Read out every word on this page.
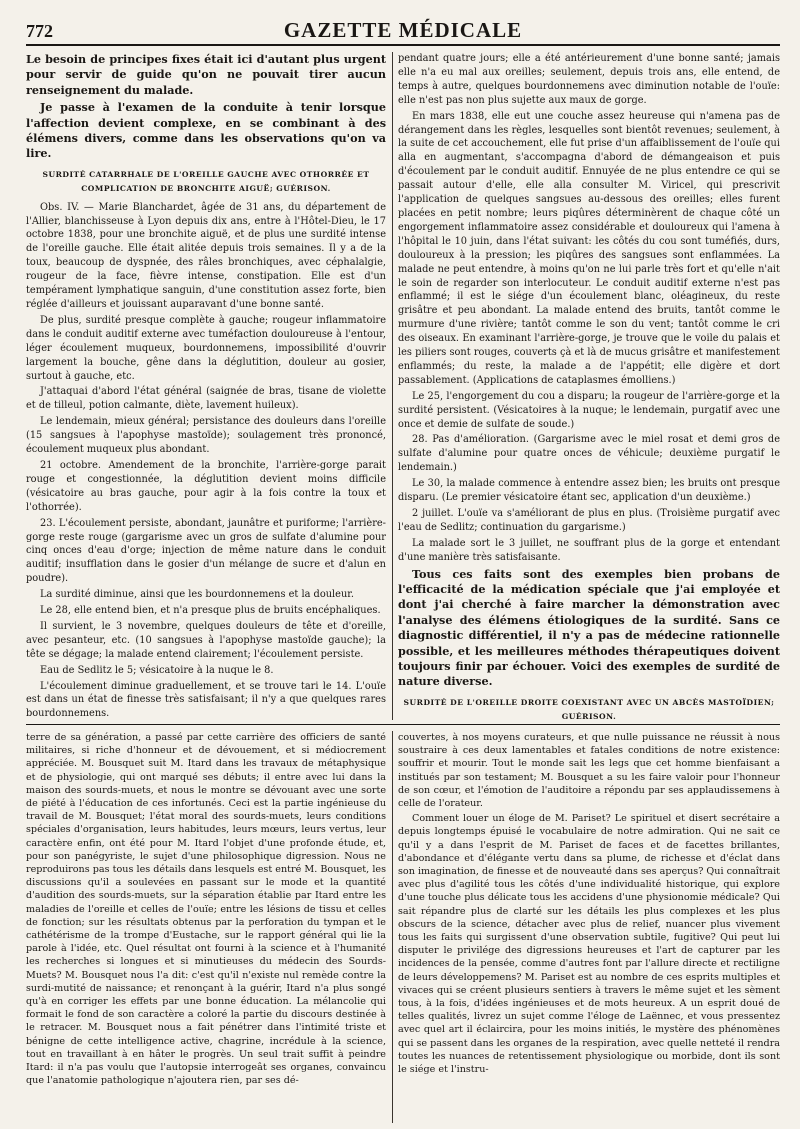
772	GAZETTE MÉDICALE

Le besoin de principes fixes était ici d'autant plus urgent pour servir de guide qu'on ne pouvait tirer aucun renseignement du malade.

Je passe à l'examen de la conduite à tenir lorsque l'affection devient complexe, en se combinant à des élémens divers, comme dans les observations qu'on va lire.

SURDITÉ CATARRHALE DE L'OREILLE GAUCHE AVEC OTHORRÉE ET COMPLICATION DE BRONCHITE AIGUË; GUÉRISON.

Obs. IV. — Marie Blanchardet, âgée de 31 ans, du département de l'Allier, blanchisseuse à Lyon depuis dix ans, entre à l'Hôtel-Dieu, le 17 octobre 1838, pour une bronchite aiguë, et de plus une surdité intense de l'oreille gauche. Elle était alitée depuis trois semaines. Il y a de la toux, beaucoup de dyspnée, des râles bronchiques, avec céphalalgie, rougeur de la face, fièvre intense, constipation. Elle est d'un tempérament lymphatique sanguin, d'une constitution assez forte, bien réglée d'ailleurs et jouissant auparavant d'une bonne santé.

De plus, surdité presque complète à gauche; rougeur inflammatoire dans le conduit auditif externe avec tuméfaction douloureuse à l'entour, léger écoulement muqueux, bourdonnemens, impossibilité d'ouvrir largement la bouche, gêne dans la déglutition, douleur au gosier, surtout à gauche, etc.

J'attaquai d'abord l'état général (saignée de bras, tisane de violette et de tilleul, potion calmante, diète, lavement huileux).

Le lendemain, mieux général; persistance des douleurs dans l'oreille (15 sangsues à l'apophyse mastoïde); soulagement très prononcé, écoulement muqueux plus abondant.

21 octobre. Amendement de la bronchite, l'arrière-gorge parait rouge et congestionnée, la déglutition devient moins difficile (vésicatoire au bras gauche, pour agir à la fois contre la toux et l'othorrée).

23. L'écoulement persiste, abondant, jaunâtre et puriforme; l'arrière-gorge reste rouge (gargarisme avec un gros de sulfate d'alumine pour cinq onces d'eau d'orge; injection de même nature dans le conduit auditif; insufflation dans le gosier d'un mélange de sucre et d'alun en poudre).

La surdité diminue, ainsi que les bourdonnemens et la douleur.

Le 28, elle entend bien, et n'a presque plus de bruits encéphaliques.

Il survient, le 3 novembre, quelques douleurs de tête et d'oreille, avec pesanteur, etc. (10 sangsues à l'apophyse mastoïde gauche); la tête se dégage; la malade entend clairement; l'écoulement persiste.

Eau de Sedlitz le 5; vésicatoire à la nuque le 8.

L'écoulement diminue graduellement, et se trouve tari le 14. L'ouïe est dans un état de finesse très satisfaisant; il n'y a que quelques rares bourdonnemens.

pendant quatre jours; elle a été antérieurement d'une bonne santé; jamais elle n'a eu mal aux oreilles; seulement, depuis trois ans, elle entend, de temps à autre, quelques bourdonnemens avec diminution notable de l'ouïe: elle n'est pas non plus sujette aux maux de gorge.

En mars 1838, elle eut une couche assez heureuse qui n'amena pas de dérangement dans les règles, lesquelles sont bientôt revenues; seulement, à la suite de cet accouchement, elle fut prise d'un affaiblissement de l'ouïe qui alla en augmentant, s'accompagna d'abord de démangeaison et puis d'écoulement par le conduit auditif. Ennuyée de ne plus entendre ce qui se passait autour d'elle, elle alla consulter M. Viricel, qui prescrivit l'application de quelques sangsues au-dessous des oreilles; elles furent placées en petit nombre; leurs piqûres déterminèrent de chaque côté un engorgement inflammatoire assez considérable et douloureux qui l'amena à l'hôpital le 10 juin, dans l'état suivant: les côtés du cou sont tuméfiés, durs, douloureux à la pression; les piqûres des sangsues sont enflammées. La malade ne peut entendre, à moins qu'on ne lui parle très fort et qu'elle n'ait le soin de regarder son interlocuteur. Le conduit auditif externe n'est pas enflammé; il est le siége d'un écoulement blanc, oléagineux, du reste grisâtre et peu abondant. La malade entend des bruits, tantôt comme le murmure d'une rivière; tantôt comme le son du vent; tantôt comme le cri des oiseaux. En examinant l'arrière-gorge, je trouve que le voile du palais et les piliers sont rouges, couverts çà et là de mucus grisâtre et manifestement enflammés; du reste, la malade a de l'appétit; elle digère et dort passablement. (Applications de cataplasmes émolliens.)

Le 25, l'engorgement du cou a disparu; la rougeur de l'arrière-gorge et la surdité persistent. (Vésicatoires à la nuque; le lendemain, purgatif avec une once et demie de sulfate de soude.)

28. Pas d'amélioration. (Gargarisme avec le miel rosat et demi gros de sulfate d'alumine pour quatre onces de véhicule; deuxième purgatif le lendemain.)

Le 30, la malade commence à entendre assez bien; les bruits ont presque disparu. (Le premier vésicatoire étant sec, application d'un deuxième.)

2 juillet. L'ouïe va s'améliorant de plus en plus. (Troisième purgatif avec l'eau de Sedlitz; continuation du gargarisme.)

La malade sort le 3 juillet, ne souffrant plus de la gorge et entendant d'une manière très satisfaisante.

Tous ces faits sont des exemples bien probans de l'efficacité de la médication spéciale que j'ai employée et dont j'ai cherché à faire marcher la démonstration avec l'analyse des élémens étiologiques de la surdité. Sans ce diagnostic différentiel, il n'y a pas de médecine rationnelle possible, et les meilleures méthodes thérapeutiques doivent toujours finir par échouer. Voici des exemples de surdité de nature diverse.

SURDITÉ DE L'OREILLE DROITE COEXISTANT AVEC UN ABCÈS MASTOÏDIEN; GUÉRISON.

terre de sa génération, a passé par cette carrière des officiers de santé militaires, si riche d'honneur et de dévouement, et si médiocrement appréciée. M. Bousquet suit M. Itard dans les travaux de métaphysique et de physiologie, qui ont marqué ses débuts; il entre avec lui dans la maison des sourds-muets, et nous le montre se dévouant avec une sorte de piété à l'éducation de ces infortunés. Ceci est la partie ingénieuse du travail de M. Bousquet; l'état moral des sourds-muets, leurs conditions spéciales d'organisation, leurs habitudes, leurs mœurs, leurs vertus, leur caractère enfin, ont été pour M. Itard l'objet d'une profonde étude, et, pour son panégyriste, le sujet d'une philosophique digression. Nous ne reproduirons pas tous les détails dans lesquels est entré M. Bousquet, les discussions qu'il a soulevées en passant sur le mode et la quantité d'audition des sourds-muets, sur la séparation établie par Itard entre les maladies de l'oreille et celles de l'ouïe; entre les lésions de tissu et celles de fonction; sur les résultats obtenus par la perforation du tympan et le cathétérisme de la trompe d'Eustache, sur le rapport général qui lie la parole à l'idée, etc. Quel résultat ont fourni à la science et à l'humanité les recherches si longues et si minutieuses du médecin des Sourds-Muets? M. Bousquet nous l'a dit: c'est qu'il n'existe nul remède contre la surdi-mutité de naissance; et renonçant à la guérir, Itard n'a plus songé qu'à en corriger les effets par une bonne éducation. La mélancolie qui formait le fond de son caractère a coloré la partie du discours destinée à le retracer. M. Bousquet nous a fait pénétrer dans l'intimité triste et bénigne de cette intelligence active, chagrine, incrédule à la science, tout en travaillant à en hâter le progrès. Un seul trait suffit à peindre Itard: il n'a pas voulu que l'autopsie interrogeât ses organes, convaincu que l'anatomie pathologique n'ajoutera rien, par ses dé-

couvertes, à nos moyens curateurs, et que nulle puissance ne réussit à nous soustraire à ces deux lamentables et fatales conditions de notre existence: souffrir et mourir. Tout le monde sait les legs que cet homme bienfaisant a institués par son testament; M. Bousquet a su les faire valoir pour l'honneur de son cœur, et l'émotion de l'auditoire a répondu par ses applaudissemens à celle de l'orateur.

Comment louer un éloge de M. Pariset? Le spirituel et disert secrétaire a depuis longtemps épuisé le vocabulaire de notre admiration. Qui ne sait ce qu'il y a dans l'esprit de M. Pariset de faces et de facettes brillantes, d'abondance et d'élégante vertu dans sa plume, de richesse et d'éclat dans son imagination, de finesse et de nouveauté dans ses aperçus? Qui connaîtrait avec plus d'agilité tous les côtés d'une individualité historique, qui explore d'une touche plus délicate tous les accidens d'une physionomie médicale? Qui sait répandre plus de clarté sur les détails les plus complexes et les plus obscurs de la science, détacher avec plus de relief, nuancer plus vivement tous les faits qui surgissent d'une observation subtile, fugitive? Qui peut lui disputer le privilége des digressions heureuses et l'art de capturer par les incidences de la pensée, comme d'autres font par l'allure directe et rectiligne de leurs développemens? M. Pariset est au nombre de ces esprits multiples et vivaces qui se créent plusieurs sentiers à travers le même sujet et les sèment tous, à la fois, d'idées ingénieuses et de mots heureux. A un esprit doué de telles qualités, livrez un sujet comme l'éloge de Laënnec, et vous pressentez avec quel art il éclaircira, pour les moins initiés, le mystère des phénomènes qui se passent dans les organes de la respiration, avec quelle netteté il rendra toutes les nuances de retentissement physiologique ou morbide, dont ils sont le siége et l'instru-
